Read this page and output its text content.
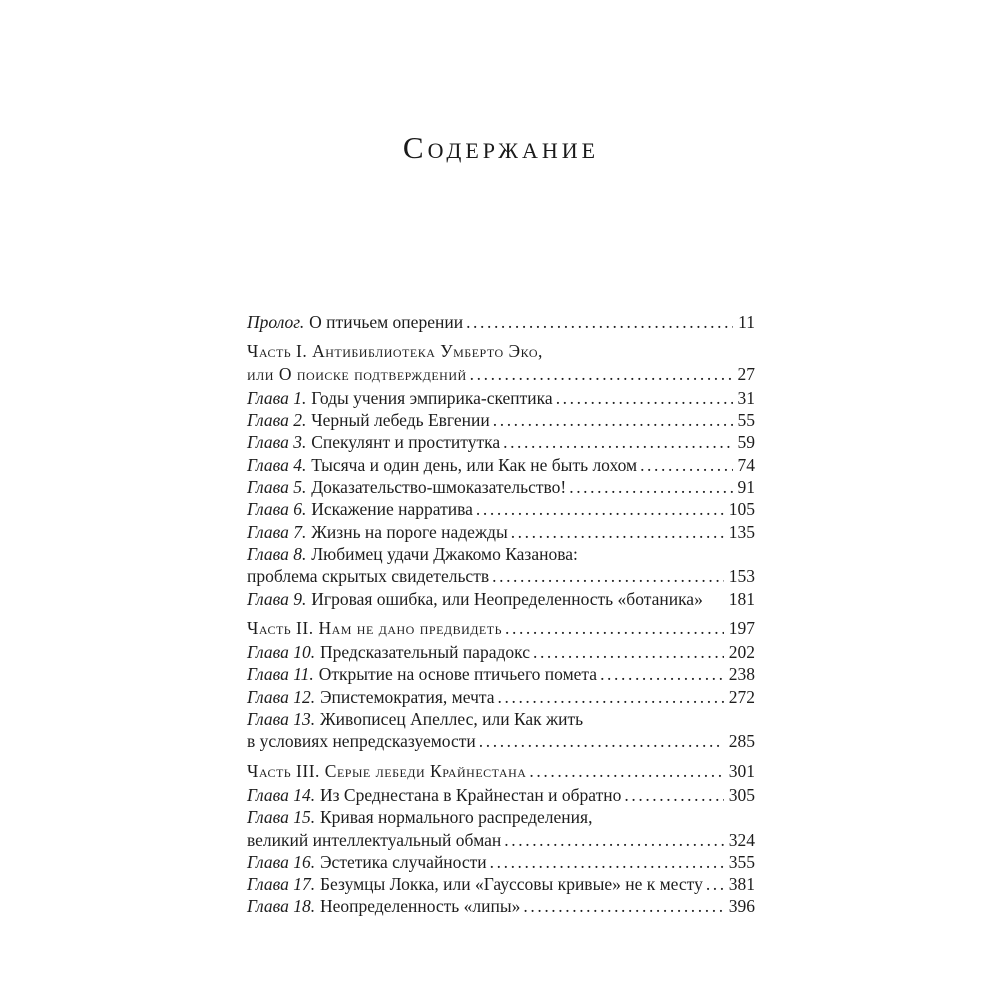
Содержание
Пролог. О птичьем оперении .....	11
Часть I. Антибиблиотека Умберто Эко,
или О поиске подтверждений .....	27
Глава 1. Годы учения эмпирика-скептика .....	31
Глава 2. Черный лебедь Евгении .....	55
Глава 3. Спекулянт и проститутка .....	59
Глава 4. Тысяча и один день, или Как не быть лохом .....	74
Глава 5. Доказательство-шмоказательство! .....	91
Глава 6. Искажение нарратива .....	105
Глава 7. Жизнь на пороге надежды .....	135
Глава 8. Любимец удачи Джакомо Казанова:
проблема скрытых свидетельств .....	153
Глава 9. Игровая ошибка, или Неопределенность «ботаника» 181
Часть II. Нам не дано предвидеть .....	197
Глава 10. Предсказательный парадокс .....	202
Глава 11. Открытие на основе птичьего помета .....	238
Глава 12. Эпистемократия, мечта .....	272
Глава 13. Живописец Апеллес, или Как жить
в условиях непредсказуемости .....	285
Часть III. Серые лебеди Крайнестана .....	301
Глава 14. Из Среднестана в Крайнестан и обратно .....	305
Глава 15. Кривая нормального распределения,
великий интеллектуальный обман .....	324
Глава 16. Эстетика случайности .....	355
Глава 17. Безумцы Локка, или «Гауссовы кривые» не к месту ..... 381
Глава 18. Неопределенность «липы» .....	396
